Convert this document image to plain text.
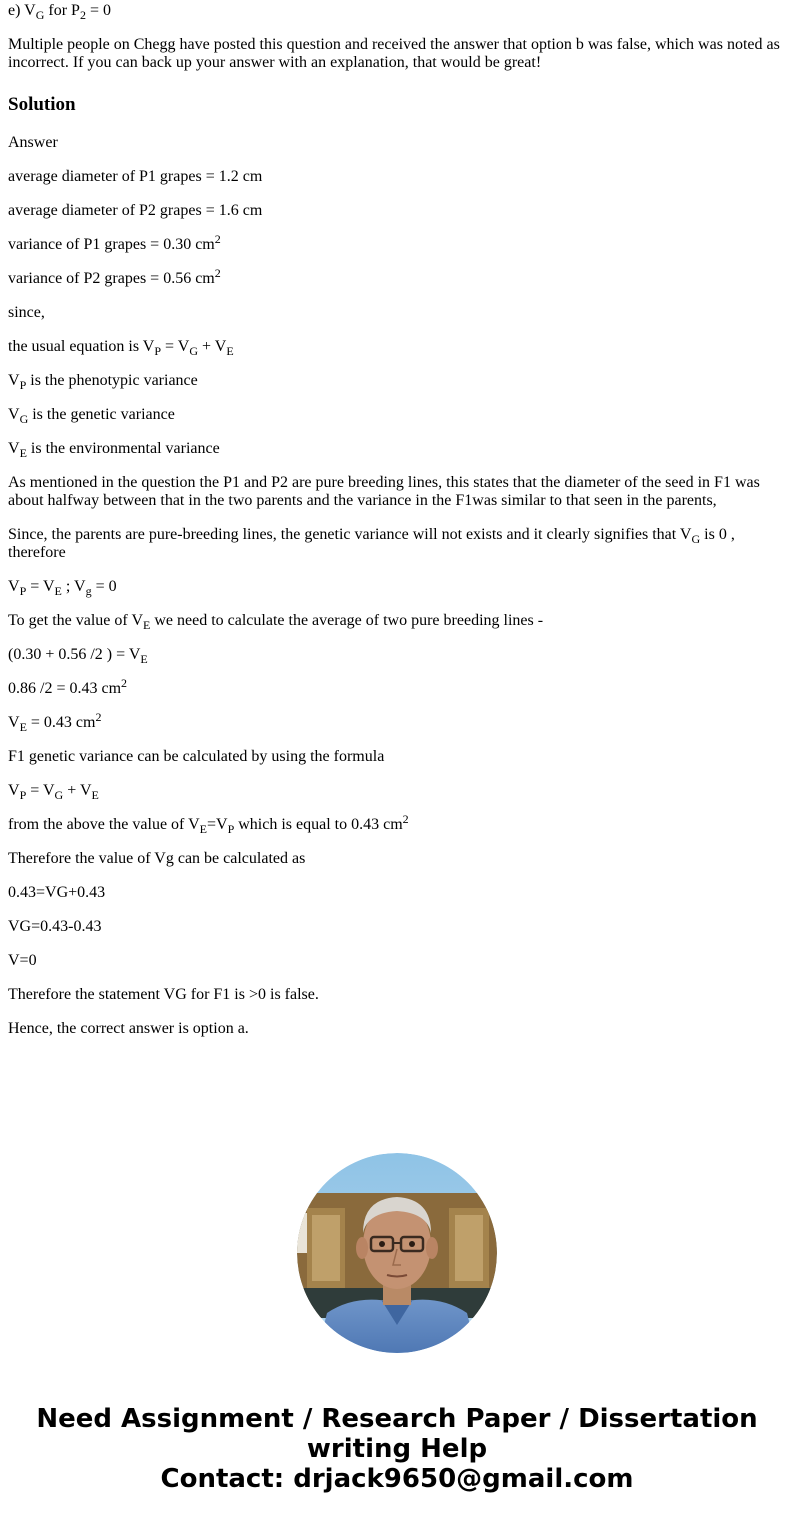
e) $V_G$ for $P_2 = 0$

Multiple people on Chegg have posted this question and received the answer that option b was false, which was noted as incorrect. If you can back up your answer with an explanation, that would be great!

Solution

Answer

average diameter of P1 grapes = 1.2 cm

average diameter of P2 grapes = 1.6 cm

variance of P1 grapes = 0.30 $cm^2$

variance of P2 grapes = 0.56 $cm^2$

since,

the usual equation is $V_P = V_G + V_E$

$V_P$ is the phenotypic variance

$V_G$ is the genetic variance

$V_E$ is the environmental variance

As mentioned in the question the P1 and P2 are pure breeding lines, this states that the diameter of the seed in F1 was about halfway between that in the two parents and the variance in the F1was similar to that seen in the parents,

Since, the parents are pure-breeding lines, the genetic variance will not exists and it clearly signifies that $V_G$ is 0 , therefore

$V_P = V_E$ ; $V_g = 0$

To get the value of $V_E$ we need to calculate the average of two pure breeding lines -

(0.30 + 0.56 /2 ) = $V_E$

0.86 /2 = 0.43 $cm^2$

$V_E = 0.43$ $cm^2$

F1 genetic variance can be calculated by using the formula

$V_P = V_G + V_E$

from the above the value of $V_E=V_P$ which is equal to 0.43 $cm^2$

Therefore the value of Vg can be calculated as

0.43=VG+0.43

VG=0.43-0.43

V=0

Therefore the statement VG for F1 is >0 is false.

Hence, the correct answer is option a.

Need Assignment / Research Paper / Dissertation
writing Help
Contact: drjack9650@gmail.com
